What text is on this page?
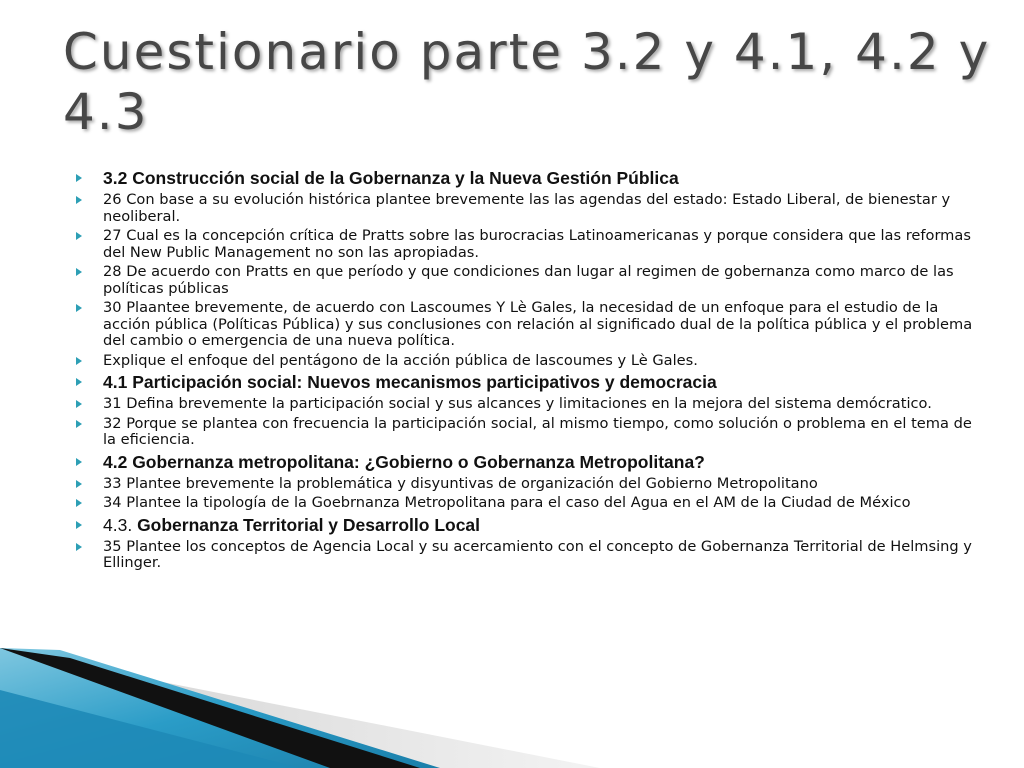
Cuestionario parte 3.2 y 4.1, 4.2 y 4.3
3.2 Construcción social de la Gobernanza y la Nueva Gestión Pública
26 Con base a su evolución histórica plantee brevemente las las agendas del estado: Estado Liberal, de bienestar y neoliberal.
27 Cual es la concepción crítica de Pratts sobre las burocracias Latinoamericanas y porque considera que las reformas del New Public Management no son las apropiadas.
28 De acuerdo con Pratts en que período y que condiciones dan lugar al regimen de gobernanza como marco de las políticas públicas
30 Plaantee brevemente, de acuerdo con Lascoumes Y Lè Gales, la necesidad de un enfoque para el estudio de la acción pública (Políticas Pública) y sus conclusiones con relación al significado dual de la política pública y el problema del cambio o emergencia de una nueva política.
Explique el enfoque del pentágono de la acción pública de lascoumes y Lè Gales.
4.1 Participación social: Nuevos mecanismos participativos y democracia
31 Defina brevemente la participación social y sus alcances y limitaciones en la mejora del sistema demócratico.
32 Porque se plantea con frecuencia la participación social, al mismo tiempo, como solución o problema en el tema de la eficiencia.
4.2 Gobernanza metropolitana: ¿Gobierno o Gobernanza Metropolitana?
33 Plantee brevemente la problemática y disyuntivas de organización del Gobierno Metropolitano
34 Plantee la tipología de la Goebrnanza Metropolitana para el caso del Agua en el AM de la Ciudad de México
4.3. Gobernanza Territorial y Desarrollo Local
35 Plantee los conceptos de Agencia Local y su acercamiento con el concepto de Gobernanza Territorial de Helmsing y Ellinger.
